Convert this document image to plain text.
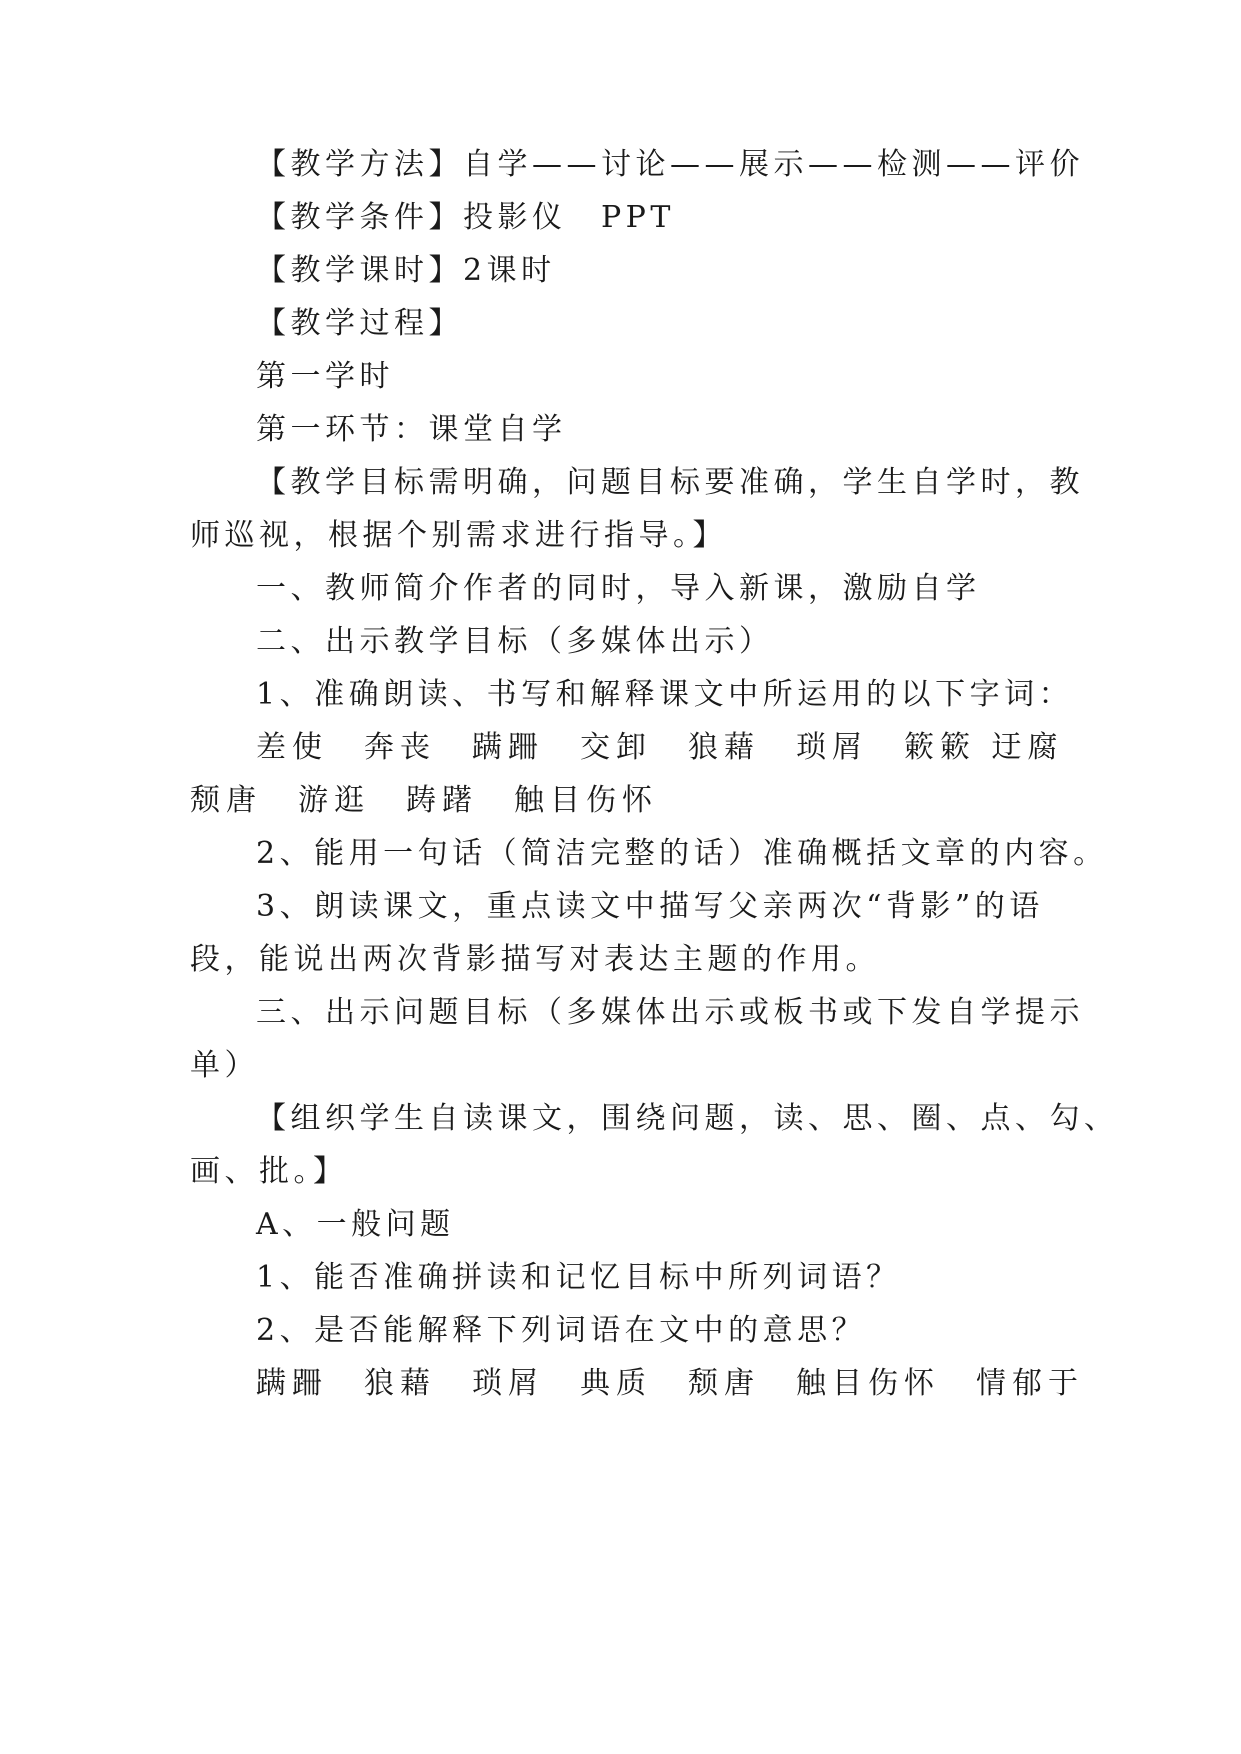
【教学方法】自学——讨论——展示——检测——评价
【教学条件】投影仪　PPT
【教学课时】2课时
【教学过程】
第一学时
第一环节：课堂自学
【教学目标需明确，问题目标要准确，学生自学时，教
师巡视，根据个别需求进行指导。】
一、教师简介作者的同时，导入新课，激励自学
二、出示教学目标（多媒体出示）
1、准确朗读、书写和解释课文中所运用的以下字词：
差使　奔丧　蹒跚　交卸　狼藉　琐屑　簌簌 迂腐
颓唐　游逛　踌躇　触目伤怀
2、能用一句话（简洁完整的话）准确概括文章的内容。
3、朗读课文，重点读文中描写父亲两次“背影”的语
段，能说出两次背影描写对表达主题的作用。
三、出示问题目标（多媒体出示或板书或下发自学提示
单）
【组织学生自读课文，围绕问题，读、思、圈、点、勾、
画、批。】
A、一般问题
1、能否准确拼读和记忆目标中所列词语？
2、是否能解释下列词语在文中的意思？
蹒跚　狼藉　琐屑　典质　颓唐　触目伤怀　情郁于
